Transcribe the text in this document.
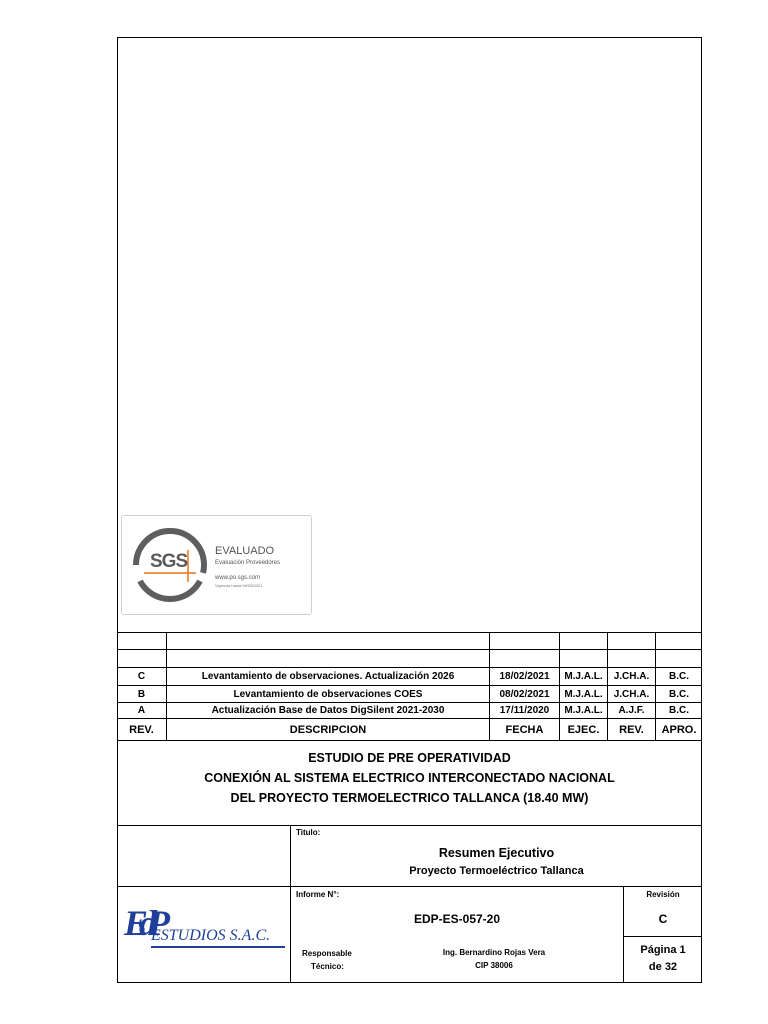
SGS	EVALUADO
Evaluación Proveedores
www.po.sgs.com
Vigencia hasta 08/03/2021
C	Levantamiento de observaciones. Actualización 2026	18/02/2021	M.J.A.L.	J.CH.A.	B.C.
B	Levantamiento de observaciones COES	08/02/2021	M.J.A.L.	J.CH.A.	B.C.
A	Actualización Base de Datos DigSilent 2021-2030	17/11/2020	M.J.A.L.	A.J.F.	B.C.
REV.	DESCRIPCION	FECHA	EJEC.	REV.	APRO.
ESTUDIO DE PRE OPERATIVIDAD
CONEXIÓN AL SISTEMA ELECTRICO INTERCONECTADO NACIONAL
DEL PROYECTO TERMOELECTRICO TALLANCA (18.40 MW)
Titulo:
Resumen Ejecutivo
Proyecto Termoeléctrico Tallanca
Informe N°:
EDP-ES-057-20
Revisión
C
EdP
ESTUDIOS S.A.C.
Responsable
Técnico:
Ing. Bernardino Rojas Vera
CIP 38006
Página 1
de 32
